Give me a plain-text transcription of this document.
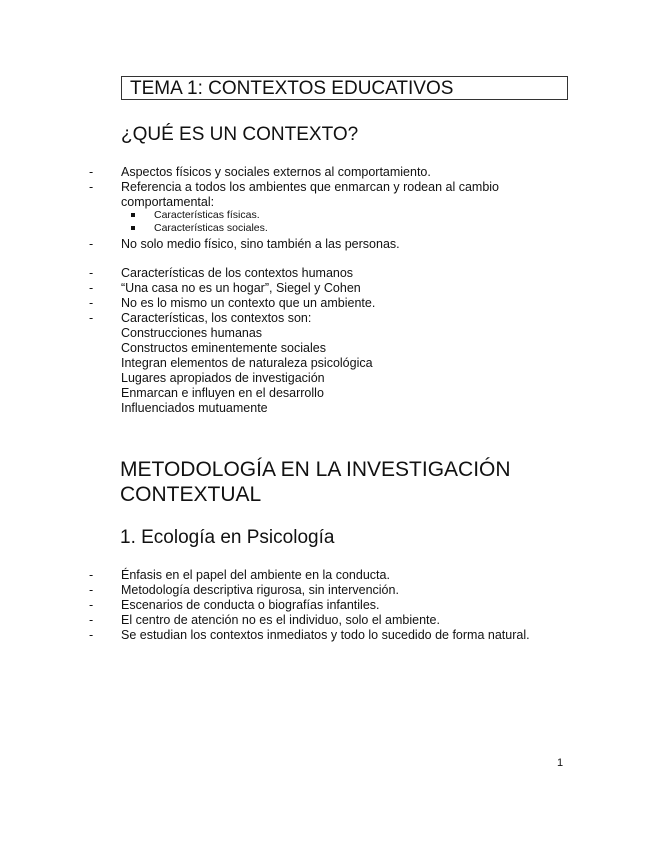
TEMA 1: CONTEXTOS EDUCATIVOS
¿QUÉ ES UN CONTEXTO?
- Aspectos físicos y sociales externos al comportamiento.
- Referencia a todos los ambientes que enmarcan y rodean al cambio
comportamental:
Características físicas.
Características sociales.
- No solo medio físico, sino también a las personas.
- Características de los contextos humanos
- “Una casa no es un hogar”, Siegel y Cohen
- No es lo mismo un contexto que un ambiente.
- Características, los contextos son:
Construcciones humanas
Constructos eminentemente sociales
Integran elementos de naturaleza psicológica
Lugares apropiados de investigación
Enmarcan e influyen en el desarrollo
Influenciados mutuamente
METODOLOGÍA EN LA INVESTIGACIÓN
CONTEXTUAL
1. Ecología en Psicología
- Énfasis en el papel del ambiente en la conducta.
- Metodología descriptiva rigurosa, sin intervención.
- Escenarios de conducta o biografías infantiles.
- El centro de atención no es el individuo, solo el ambiente.
- Se estudian los contextos inmediatos y todo lo sucedido de forma natural.
1
